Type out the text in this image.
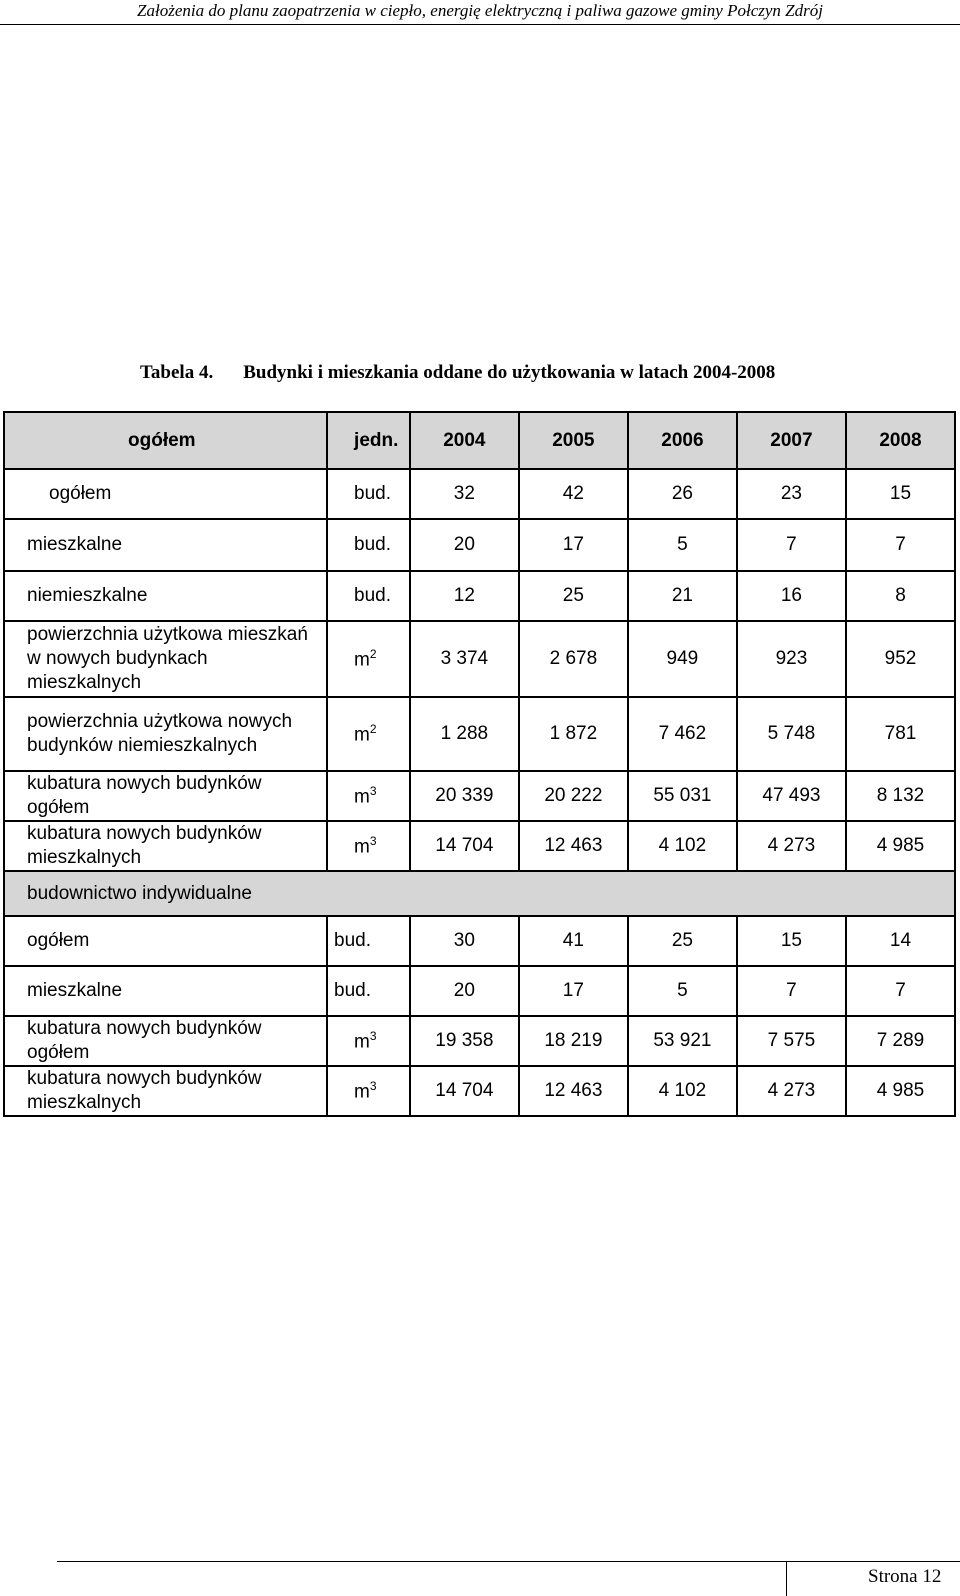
Założenia do planu zaopatrzenia w ciepło, energię elektryczną i paliwa gazowe gminy Połczyn Zdrój
Tabela 4. Budynki i mieszkania oddane do użytkowania w latach 2004-2008
ogółem	jedn.	2004	2005	2006	2007	2008
ogółem	bud.	32	42	26	23	15
mieszkalne	bud.	20	17	5	7	7
niemieszkalne	bud.	12	25	21	16	8
powierzchnia użytkowa mieszkań w nowych budynkach mieszkalnych	$m^2$	3 374	2 678	949	923	952
powierzchnia użytkowa nowych budynków niemieszkalnych	$m^2$	1 288	1 872	7 462	5 748	781
kubatura nowych budynków ogółem	$m^3$	20 339	20 222	55 031	47 493	8 132
kubatura nowych budynków mieszkalnych	$m^3$	14 704	12 463	4 102	4 273	4 985
budownictwo indywidualne						
ogółem	bud.	30	41	25	15	14
mieszkalne	bud.	20	17	5	7	7
kubatura nowych budynków ogółem	$m^3$	19 358	18 219	53 921	7 575	7 289
kubatura nowych budynków mieszkalnych	$m^3$	14 704	12 463	4 102	4 273	4 985
Strona 12
